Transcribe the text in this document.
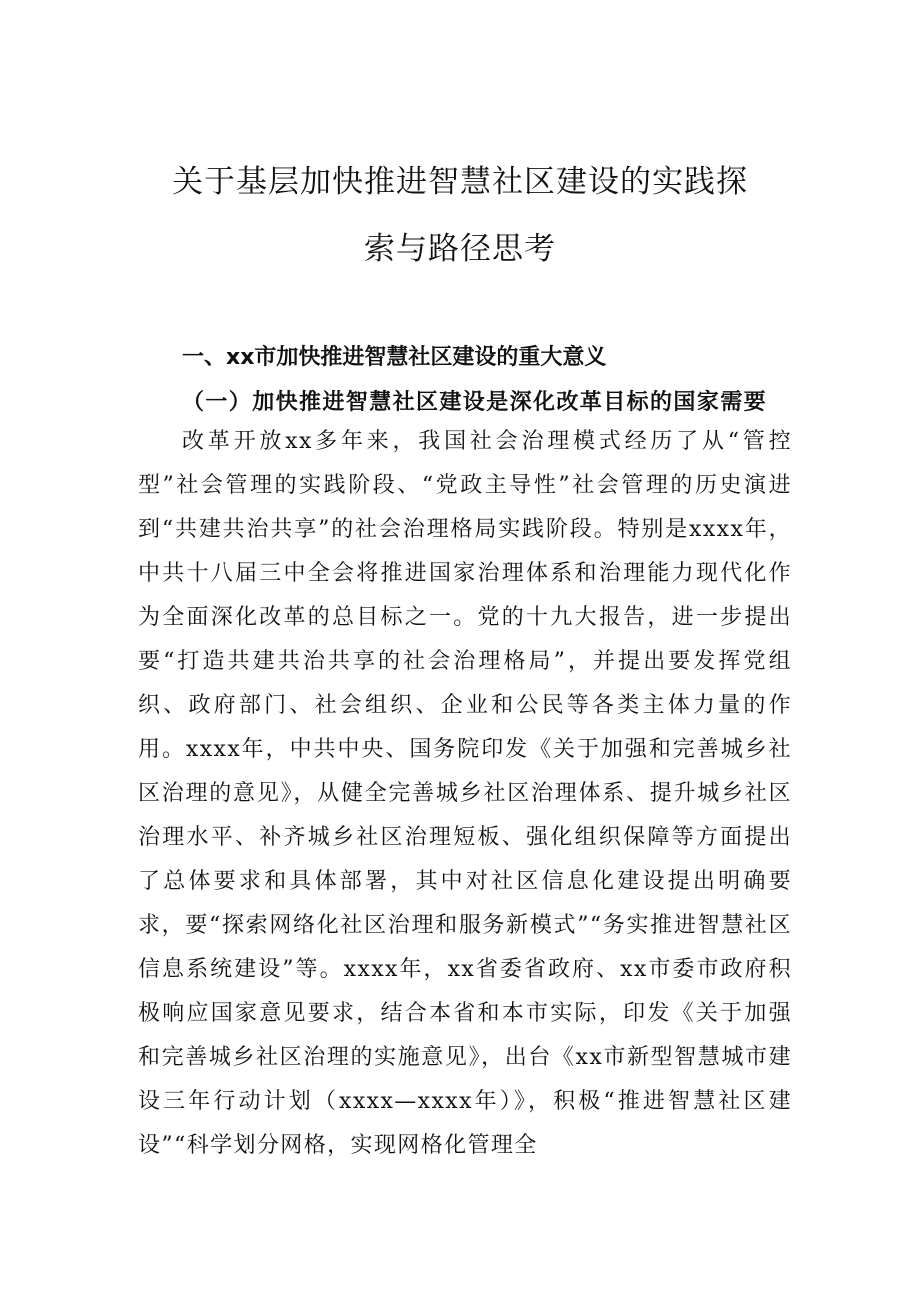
关于基层加快推进智慧社区建设的实践探
索与路径思考
一、xx市加快推进智慧社区建设的重大意义
（一）加快推进智慧社区建设是深化改革目标的国家需要

改革开放xx多年来，我国社会治理模式经历了从“管控型”社会管理的实践阶段、“党政主导性”社会管理的历史演进到“共建共治共享”的社会治理格局实践阶段。特别是xxxx年，中共十八届三中全会将推进国家治理体系和治理能力现代化作为全面深化改革的总目标之一。党的十九大报告，进一步提出要“打造共建共治共享的社会治理格局”，并提出要发挥党组织、政府部门、社会组织、企业和公民等各类主体力量的作用。xxxx年，中共中央、国务院印发《关于加强和完善城乡社区治理的意见》，从健全完善城乡社区治理体系、提升城乡社区治理水平、补齐城乡社区治理短板、强化组织保障等方面提出了总体要求和具体部署，其中对社区信息化建设提出明确要求，要“探索网络化社区治理和服务新模式”“务实推进智慧社区信息系统建设”等。xxxx年，xx省委省政府、xx市委市政府积极响应国家意见要求，结合本省和本市实际，印发《关于加强和完善城乡社区治理的实施意见》，出台《xx市新型智慧城市建设三年行动计划（xxxx—xxxx年）》，积极“推进智慧社区建设”“科学划分网格，实现网格化管理全
